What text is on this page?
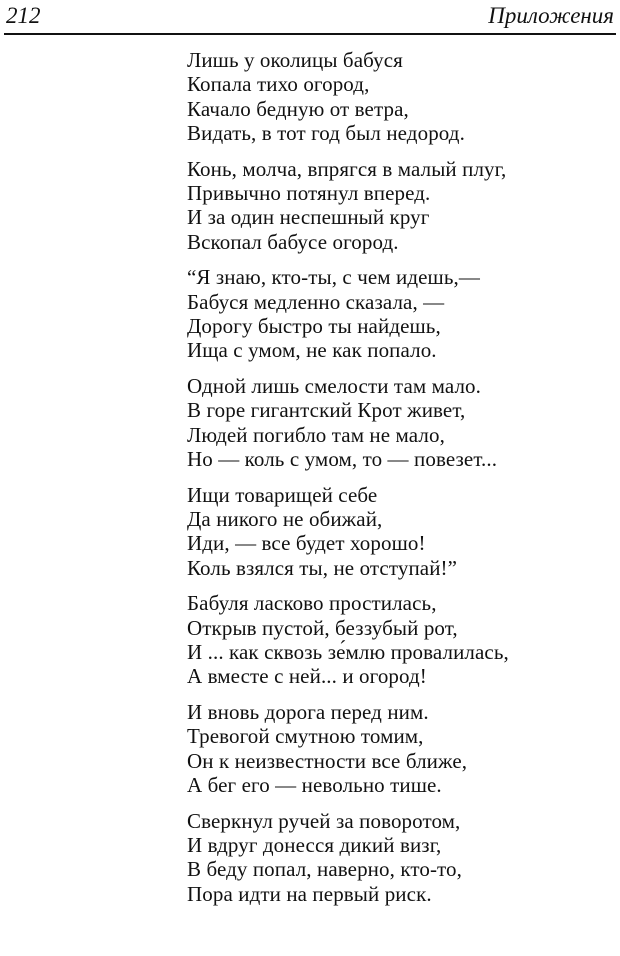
212	Приложения
Лишь у околицы бабуся
Копала тихо огород,
Качало бедную от ветра,
Видать, в тот год был недород.
Конь, молча, впрягся в малый плуг,
Привычно потянул вперед.
И за один неспешный круг
Вскопал бабусе огород.
“Я знаю, кто-ты, с чем идешь,—
Бабуся медленно сказала, —
Дорогу быстро ты найдешь,
Ища с умом, не как попало.
Одной лишь смелости там мало.
В горе гигантский Крот живет,
Людей погибло там не мало,
Но — коль с умом, то — повезет...
Ищи товарищей себе
Да никого не обижай,
Иди, — все будет хорошо!
Коль взялся ты, не отступай!”
Бабуля ласково простилась,
Открыв пустой, беззубый рот,
И ... как сквозь зе́млю провалилась,
А вместе с ней... и огород!
И вновь дорога перед ним.
Тревогой смутною томим,
Он к неизвестности все ближе,
А бег его — невольно тише.
Сверкнул ручей за поворотом,
И вдруг донесся дикий визг,
В беду попал, наверно, кто-то,
Пора идти на первый риск.
